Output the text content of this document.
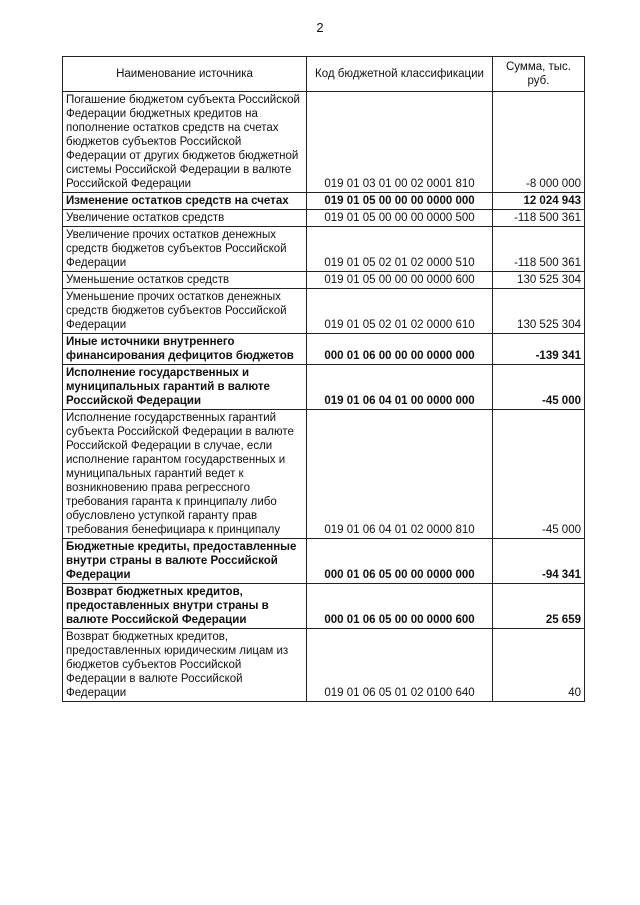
2
Наименование источника	Код бюджетной классификации	Сумма, тыс. руб.
Погашение бюджетом субъекта Российской Федерации бюджетных кредитов на пополнение остатков средств на счетах бюджетов субъектов Российской Федерации от других бюджетов бюджетной системы Российской Федерации в валюте Российской Федерации	019 01 03 01 00 02 0001 810	-8 000 000
Изменение остатков средств на счетах	019 01 05 00 00 00 0000 000	12 024 943
Увеличение остатков средств	019 01 05 00 00 00 0000 500	-118 500 361
Увеличение прочих остатков денежных средств бюджетов субъектов Российской Федерации	019 01 05 02 01 02 0000 510	-118 500 361
Уменьшение остатков средств	019 01 05 00 00 00 0000 600	130 525 304
Уменьшение прочих остатков денежных средств бюджетов субъектов Российской Федерации	019 01 05 02 01 02 0000 610	130 525 304
Иные источники внутреннего финансирования дефицитов бюджетов	000 01 06 00 00 00 0000 000	-139 341
Исполнение государственных и муниципальных гарантий в валюте Российской Федерации	019 01 06 04 01 00 0000 000	-45 000
Исполнение государственных гарантий субъекта Российской Федерации в валюте Российской Федерации в случае, если исполнение гарантом государственных и муниципальных гарантий ведет к возникновению права регрессного требования гаранта к принципалу либо обусловлено уступкой гаранту прав требования бенефициара к принципалу	019 01 06 04 01 02 0000 810	-45 000
Бюджетные кредиты, предоставленные внутри страны в валюте Российской Федерации	000 01 06 05 00 00 0000 000	-94 341
Возврат бюджетных кредитов, предоставленных внутри страны в валюте Российской Федерации	000 01 06 05 00 00 0000 600	25 659
Возврат бюджетных кредитов, предоставленных юридическим лицам из бюджетов субъектов Российской Федерации в валюте Российской Федерации	019 01 06 05 01 02 0100 640	40
